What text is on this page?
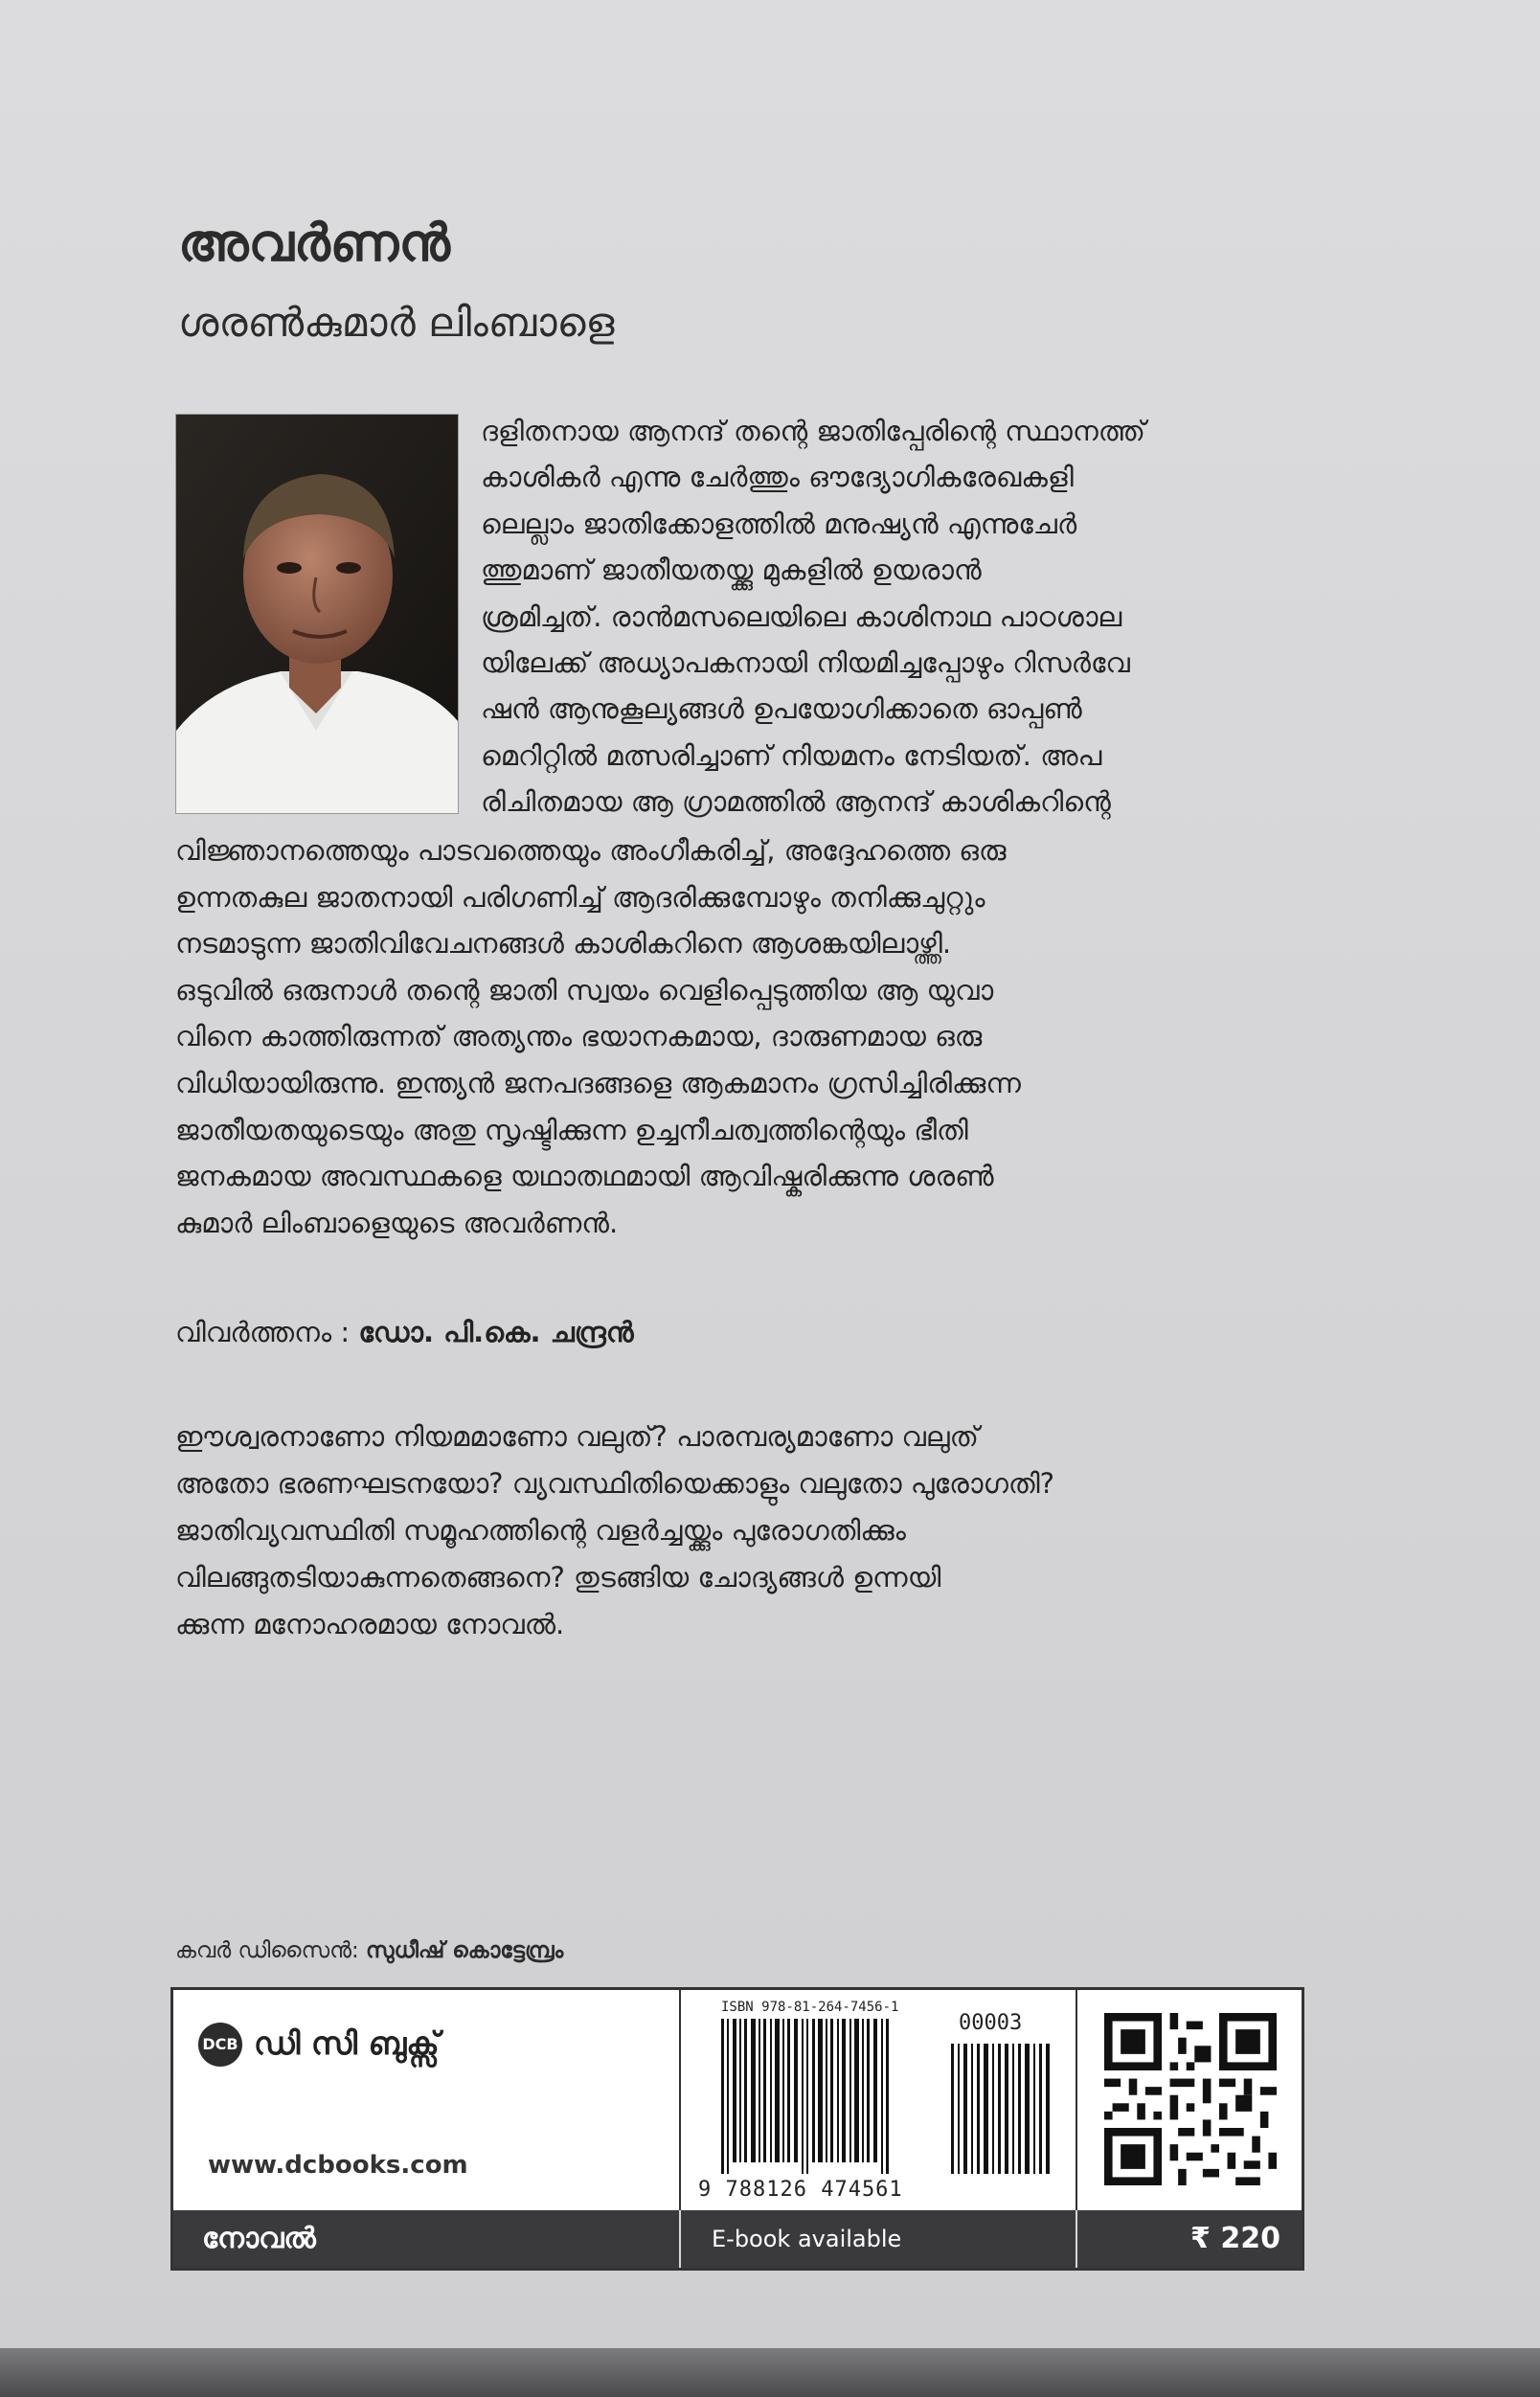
അവർണൻ
ശരൺകുമാർ ലിംബാളെ

ദളിതനായ ആനന്ദ് തന്റെ ജാതിപ്പേരിന്റെ സ്ഥാനത്ത്

കാശികർ എന്നു ചേർത്തും ഔദ്യോഗികരേഖകളി

ലെല്ലാം ജാതിക്കോളത്തിൽ മനുഷ്യൻ എന്നുചേർ

ത്തുമാണ് ജാതീയതയ്ക്കു മുകളിൽ ഉയരാൻ

ശ്രമിച്ചത്. രാൻമസലെയിലെ കാശിനാഥ പാഠശാല

യിലേക്ക് അധ്യാപകനായി നിയമിച്ചപ്പോഴും റിസർവേ

ഷൻ ആനുകൂല്യങ്ങൾ ഉപയോഗിക്കാതെ ഓപ്പൺ

മെറിറ്റിൽ മത്സരിച്ചാണ് നിയമനം നേടിയത്. അപ

രിചിതമായ ആ ഗ്രാമത്തിൽ ആനന്ദ് കാശികറിന്റെ

വിജ്ഞാനത്തെയും പാടവത്തെയും അംഗീകരിച്ച്, അദ്ദേഹത്തെ ഒരു

ഉന്നതകുല ജാതനായി പരിഗണിച്ച് ആദരിക്കുമ്പോഴും തനിക്കുചുറ്റും

നടമാടുന്ന ജാതിവിവേചനങ്ങൾ കാശികറിനെ ആശങ്കയിലാഴ്ത്തി.

ഒടുവിൽ ഒരുനാൾ തന്റെ ജാതി സ്വയം വെളിപ്പെടുത്തിയ ആ യുവാ

വിനെ കാത്തിരുന്നത് അത്യന്തം ഭയാനകമായ, ദാരുണമായ ഒരു

വിധിയായിരുന്നു. ഇന്ത്യൻ ജനപദങ്ങളെ ആകമാനം ഗ്രസിച്ചിരിക്കുന്ന

ജാതീയതയുടെയും അതു സൃഷ്ടിക്കുന്ന ഉച്ചനീചത്വത്തിന്റെയും ഭീതി

ജനകമായ അവസ്ഥകളെ യഥാതഥമായി ആവിഷ്കരിക്കുന്നു ശരൺ

കുമാർ ലിംബാളെയുടെ അവർണൻ.

വിവർത്തനം : ഡോ. പി.കെ. ചന്ദ്രൻ

ഈശ്വരനാണോ നിയമമാണോ വലുത്? പാരമ്പര്യമാണോ വലുത്

അതോ ഭരണഘടനയോ? വ്യവസ്ഥിതിയെക്കാളും വലുതോ പുരോഗതി?

ജാതിവ്യവസ്ഥിതി സമൂഹത്തിന്റെ വളർച്ചയ്ക്കും പുരോഗതിക്കും

വിലങ്ങുതടിയാകുന്നതെങ്ങനെ? തുടങ്ങിയ ചോദ്യങ്ങൾ ഉന്നയി

ക്കുന്ന മനോഹരമായ നോവൽ.

കവർ ഡിസൈൻ: സുധീഷ് കൊട്ടേമ്പ്രം
DCB ഡി സി ബുക്സ്
www.dcbooks.com
ISBN 978-81-264-7456-1
00003
9 788126 474561
നോവൽ	E-book available	₹ 220
